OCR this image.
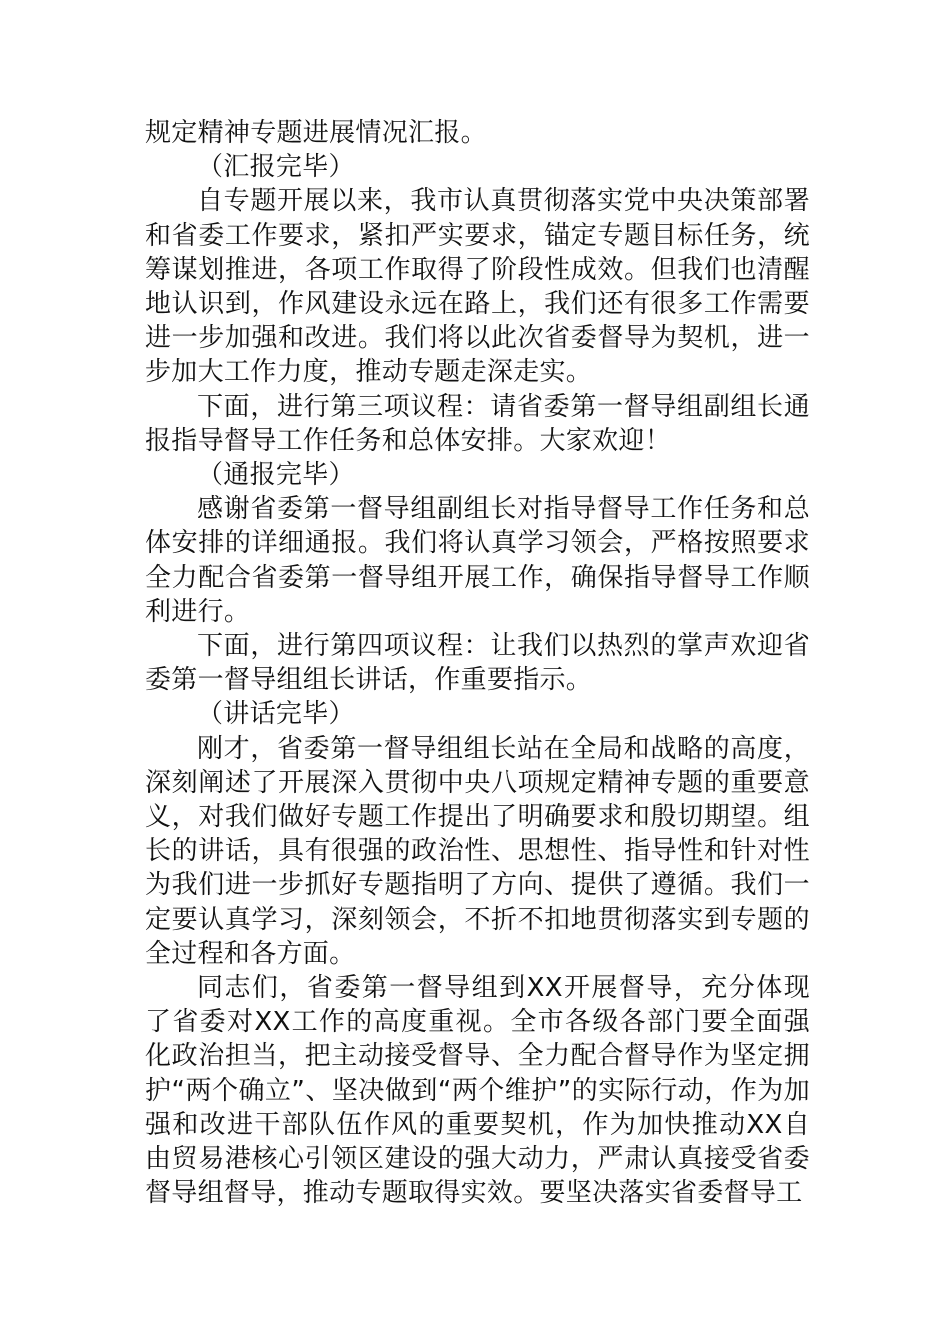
规定精神专题进展情况汇报。

（汇报完毕）

自专题开展以来，我市认真贯彻落实党中央决策部署和省委工作要求，紧扣严实要求，锚定专题目标任务，统筹谋划推进，各项工作取得了阶段性成效。但我们也清醒地认识到，作风建设永远在路上，我们还有很多工作需要进一步加强和改进。我们将以此次省委督导为契机，进一步加大工作力度，推动专题走深走实。

下面，进行第三项议程：请省委第一督导组副组长通报指导督导工作任务和总体安排。大家欢迎！

（通报完毕）

感谢省委第一督导组副组长对指导督导工作任务和总体安排的详细通报。我们将认真学习领会，严格按照要求全力配合省委第一督导组开展工作，确保指导督导工作顺利进行。

下面，进行第四项议程：让我们以热烈的掌声欢迎省委第一督导组组长讲话，作重要指示。

（讲话完毕）

刚才，省委第一督导组组长站在全局和战略的高度，深刻阐述了开展深入贯彻中央八项规定精神专题的重要意义，对我们做好专题工作提出了明确要求和殷切期望。组长的讲话，具有很强的政治性、思想性、指导性和针对性为我们进一步抓好专题指明了方向、提供了遵循。我们一定要认真学习，深刻领会，不折不扣地贯彻落实到专题的全过程和各方面。

同志们，省委第一督导组到XX开展督导，充分体现了省委对XX工作的高度重视。全市各级各部门要全面强化政治担当，把主动接受督导、全力配合督导作为坚定拥护“两个确立”、坚决做到“两个维护”的实际行动，作为加强和改进干部队伍作风的重要契机，作为加快推动XX自由贸易港核心引领区建设的强大动力，严肃认真接受省委督导组督导，推动专题取得实效。要坚决落实省委督导工
